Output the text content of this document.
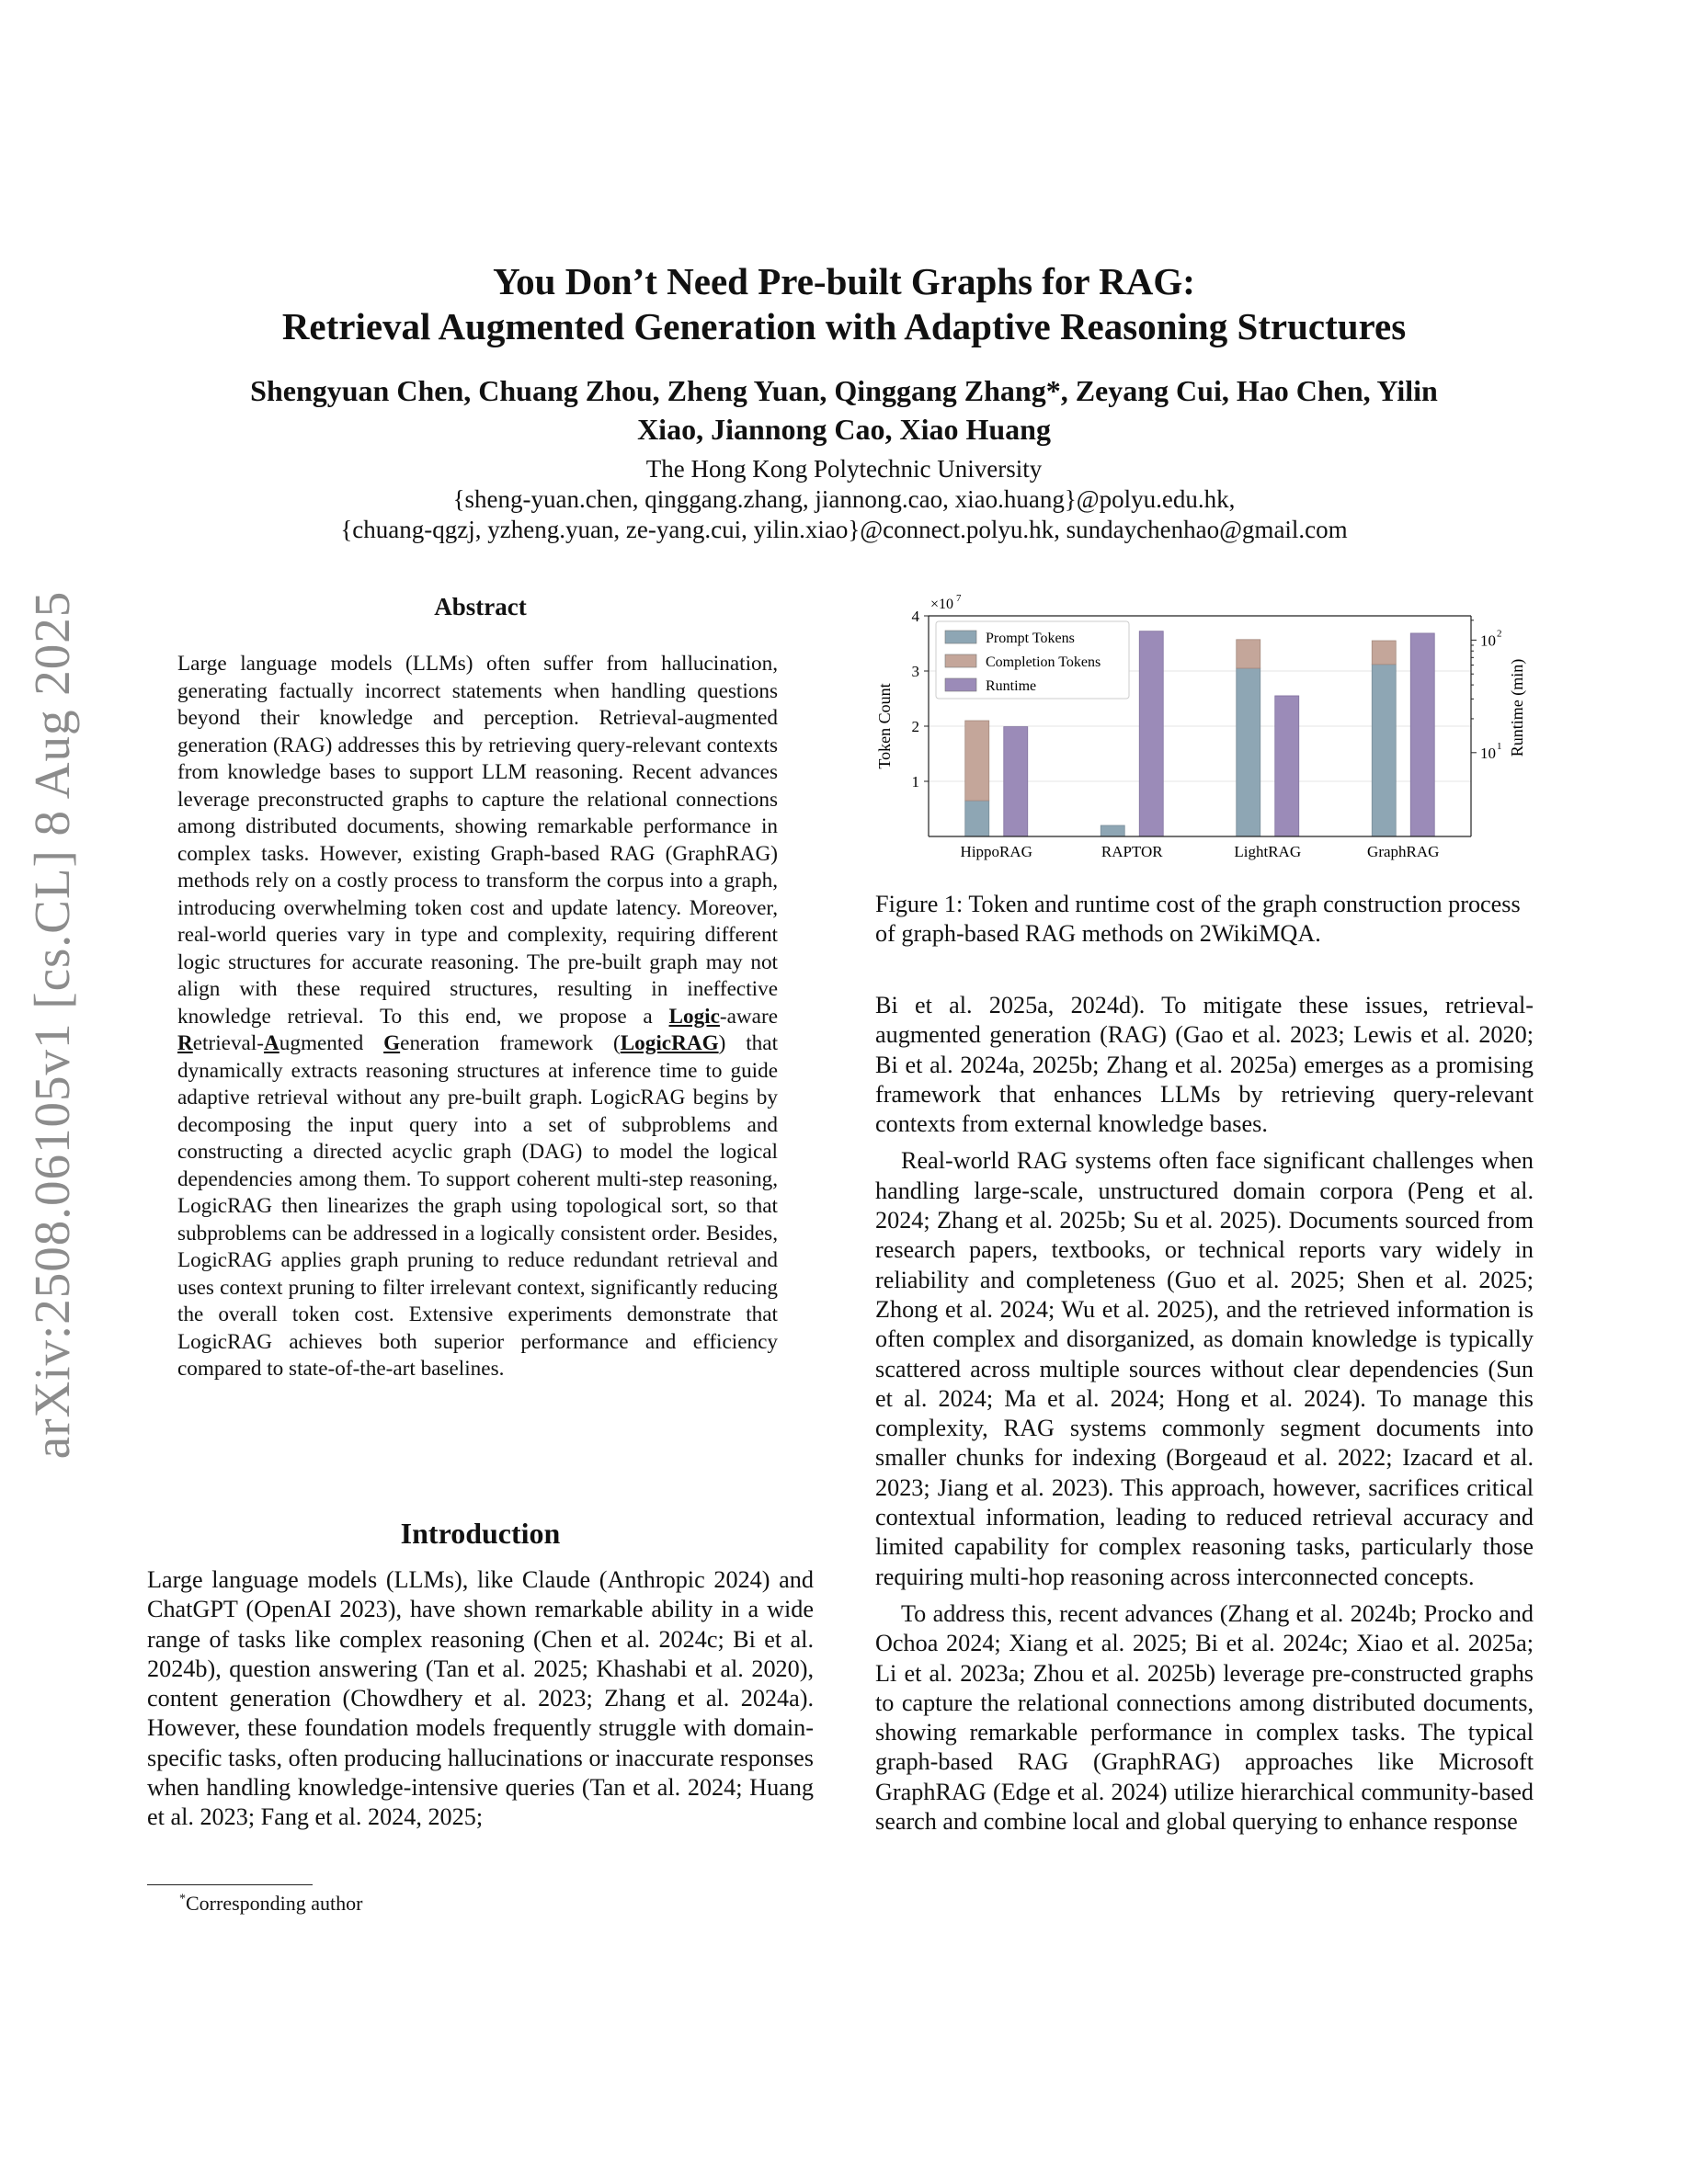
arXiv:2508.06105v1 [cs.CL] 8 Aug 2025
You Don’t Need Pre-built Graphs for RAG:
Retrieval Augmented Generation with Adaptive Reasoning Structures
Shengyuan Chen, Chuang Zhou, Zheng Yuan, Qinggang Zhang*, Zeyang Cui, Hao Chen, Yilin
Xiao, Jiannong Cao, Xiao Huang
The Hong Kong Polytechnic University
{sheng-yuan.chen, qinggang.zhang, jiannong.cao, xiao.huang}@polyu.edu.hk,
{chuang-qgzj, yzheng.yuan, ze-yang.cui, yilin.xiao}@connect.polyu.hk, sundaychenhao@gmail.com
Abstract
Large language models (LLMs) often suffer from hallucination, generating factually incorrect statements when handling questions beyond their knowledge and perception. Retrieval-augmented generation (RAG) addresses this by retrieving query-relevant contexts from knowledge bases to support LLM reasoning. Recent advances leverage preconstructed graphs to capture the relational connections among distributed documents, showing remarkable performance in complex tasks. However, existing Graph-based RAG (GraphRAG) methods rely on a costly process to transform the corpus into a graph, introducing overwhelming token cost and update latency. Moreover, real-world queries vary in type and complexity, requiring different logic structures for accurate reasoning. The pre-built graph may not align with these required structures, resulting in ineffective knowledge retrieval. To this end, we propose a Logic-aware Retrieval-Augmented Generation framework (LogicRAG) that dynamically extracts reasoning structures at inference time to guide adaptive retrieval without any pre-built graph. LogicRAG begins by decomposing the input query into a set of subproblems and constructing a directed acyclic graph (DAG) to model the logical dependencies among them. To support coherent multi-step reasoning, LogicRAG then linearizes the graph using topological sort, so that subproblems can be addressed in a logically consistent order. Besides, LogicRAG applies graph pruning to reduce redundant retrieval and uses context pruning to filter irrelevant context, significantly reducing the overall token cost. Extensive experiments demonstrate that LogicRAG achieves both superior performance and efficiency compared to state-of-the-art baselines.
Introduction

Large language models (LLMs), like Claude (Anthropic 2024) and ChatGPT (OpenAI 2023), have shown remarkable ability in a wide range of tasks like complex reasoning (Chen et al. 2024c; Bi et al. 2024b), question answering (Tan et al. 2025; Khashabi et al. 2020), content generation (Chowdhery et al. 2023; Zhang et al. 2024a). However, these foundation models frequently struggle with domain-specific tasks, often producing hallucinations or inaccurate responses when handling knowledge-intensive queries (Tan et al. 2024; Huang et al. 2023; Fang et al. 2024, 2025;

*Corresponding author
HippoRAG	RAPTOR	LightRAG	GraphRAG
1
2
3
4
×10 7
10 1
10 2
Token Count	Runtime (min)
Prompt Tokens
Completion Tokens
Runtime
Figure 1: Token and runtime cost of the graph construction process of graph-based RAG methods on 2WikiMQA.

Bi et al. 2025a, 2024d). To mitigate these issues, retrieval-augmented generation (RAG) (Gao et al. 2023; Lewis et al. 2020; Bi et al. 2024a, 2025b; Zhang et al. 2025a) emerges as a promising framework that enhances LLMs by retrieving query-relevant contexts from external knowledge bases.

Real-world RAG systems often face significant challenges when handling large-scale, unstructured domain corpora (Peng et al. 2024; Zhang et al. 2025b; Su et al. 2025). Documents sourced from research papers, textbooks, or technical reports vary widely in reliability and completeness (Guo et al. 2025; Shen et al. 2025; Zhong et al. 2024; Wu et al. 2025), and the retrieved information is often complex and disorganized, as domain knowledge is typically scattered across multiple sources without clear dependencies (Sun et al. 2024; Ma et al. 2024; Hong et al. 2024). To manage this complexity, RAG systems commonly segment documents into smaller chunks for indexing (Borgeaud et al. 2022; Izacard et al. 2023; Jiang et al. 2023). This approach, however, sacrifices critical contextual information, leading to reduced retrieval accuracy and limited capability for complex reasoning tasks, particularly those requiring multi-hop reasoning across interconnected concepts.

To address this, recent advances (Zhang et al. 2024b; Procko and Ochoa 2024; Xiang et al. 2025; Bi et al. 2024c; Xiao et al. 2025a; Li et al. 2023a; Zhou et al. 2025b) leverage pre-constructed graphs to capture the relational connections among distributed documents, showing remarkable performance in complex tasks. The typical graph-based RAG (GraphRAG) approaches like Microsoft GraphRAG (Edge et al. 2024) utilize hierarchical community-based search and combine local and global querying to enhance response
